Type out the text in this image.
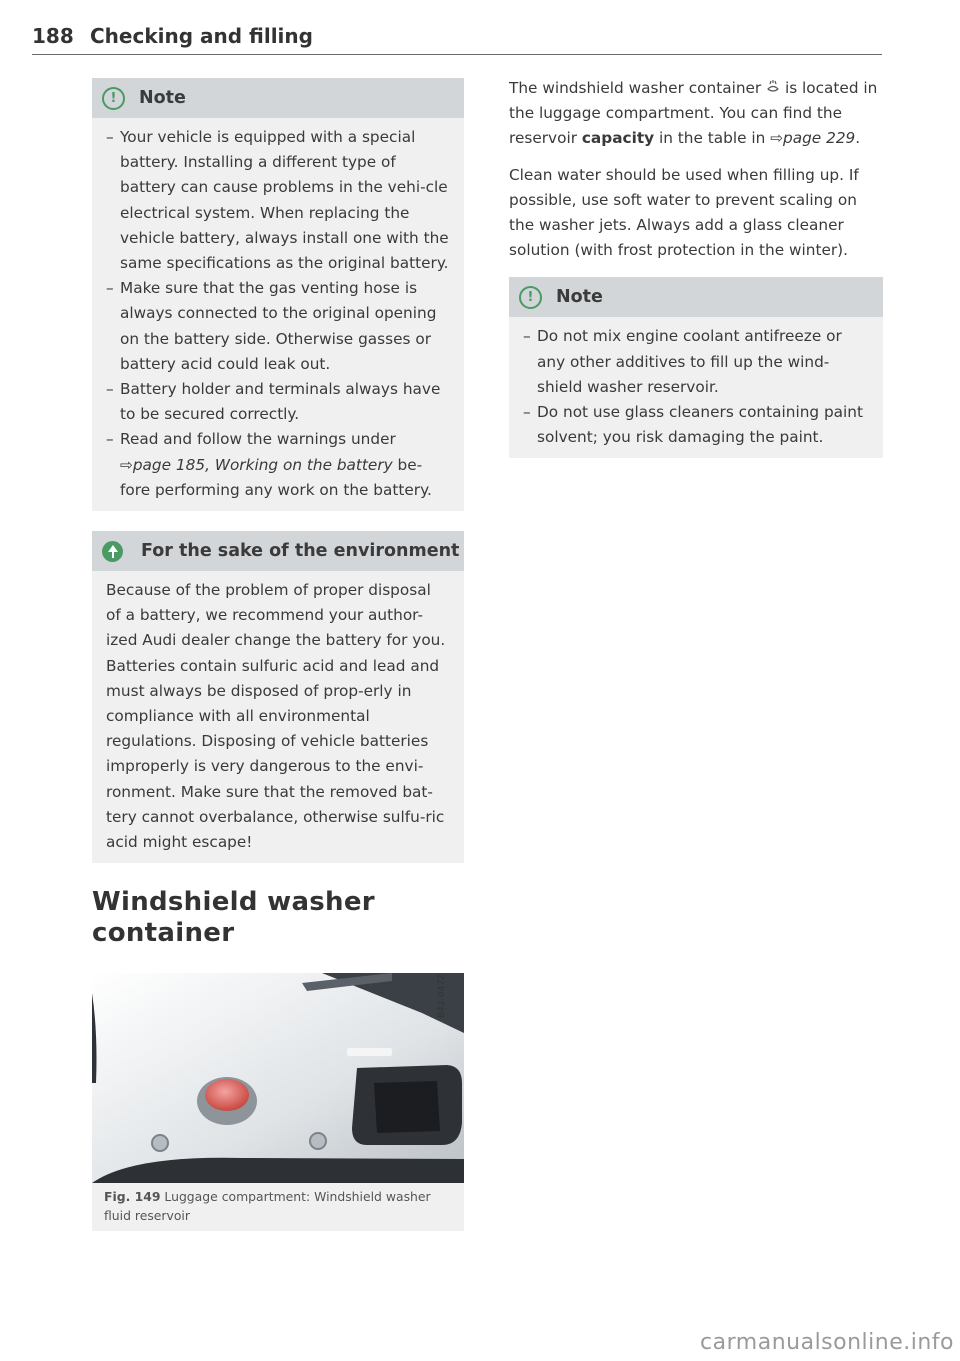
188 Checking and filling
!	Note
– Your vehicle is equipped with a special battery. Installing a different type of battery can cause problems in the vehi-cle electrical system. When replacing the vehicle battery, always install one with the same specifications as the original battery.
– Make sure that the gas venting hose is always connected to the original opening on the battery side. Otherwise gasses or battery acid could leak out.
– Battery holder and terminals always have to be secured correctly.
– Read and follow the warnings under
⇨page 185, Working on the battery be-fore performing any work on the battery.
For the sake of the environment
Because of the problem of proper disposal of a battery, we recommend your author-ized Audi dealer change the battery for you. Batteries contain sulfuric acid and lead and must always be disposed of prop-erly in compliance with all environmental regulations. Disposing of vehicle batteries improperly is very dangerous to the envi-ronment. Make sure that the removed bat-tery cannot overbalance, otherwise sulfu-ric acid might escape!
Windshield washer container
B42-0472
Fig. 149 Luggage compartment: Windshield washer fluid reservoir

The windshield washer container  is located in the luggage compartment. You can find the reservoir capacity in the table in ⇨page 229.

Clean water should be used when filling up. If possible, use soft water to prevent scaling on the washer jets. Always add a glass cleaner solution (with frost protection in the winter).

!	Note
– Do not mix engine coolant antifreeze or any other additives to fill up the wind-shield washer reservoir.
– Do not use glass cleaners containing paint solvent; you risk damaging the paint.
carmanualsonline.info
